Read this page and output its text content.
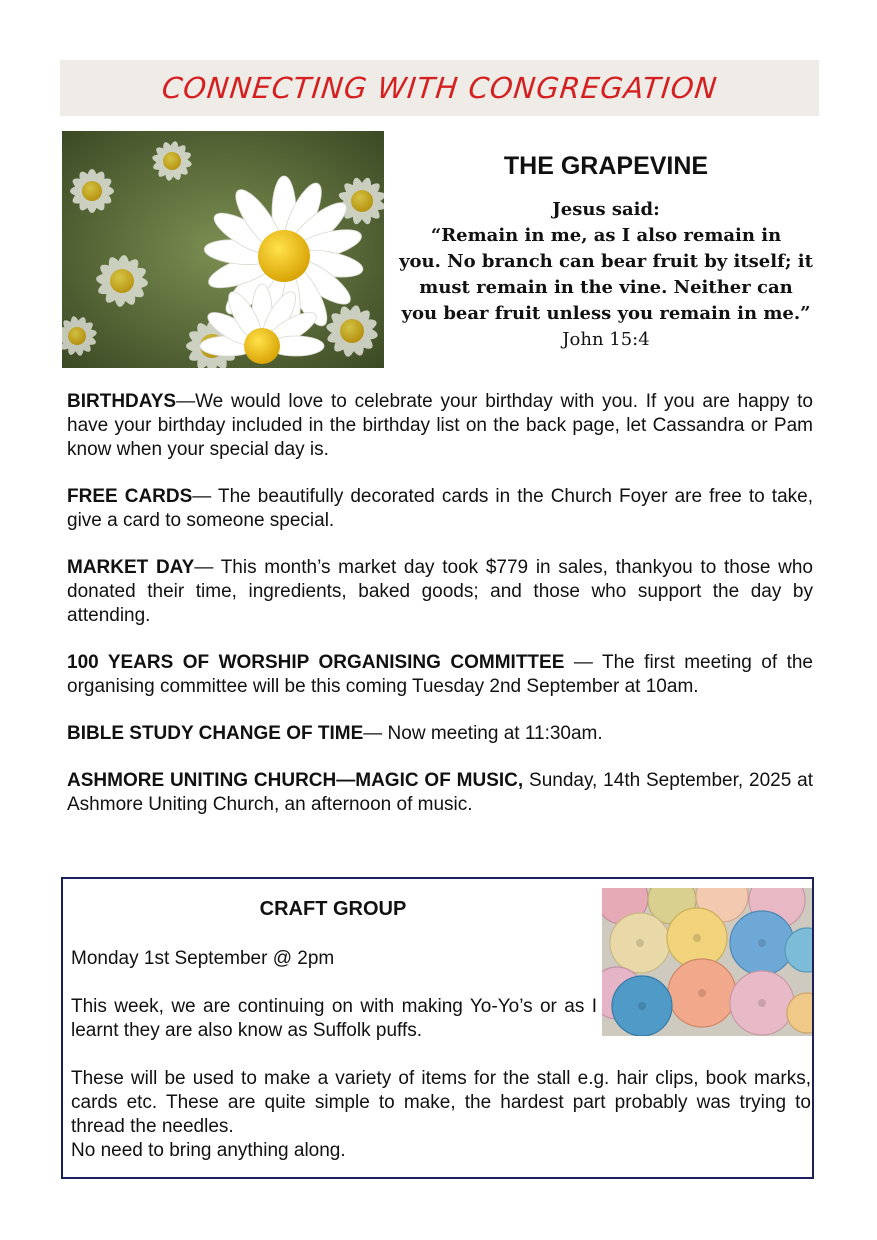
CONNECTING WITH CONGREGATION
THE GRAPEVINE
Jesus said:
“Remain in me, as I also remain in
you. No branch can bear fruit by itself; it
must remain in the vine. Neither can
you bear fruit unless you remain in me.”
John 15:4

BIRTHDAYS—We would love to celebrate your birthday with you. If you are happy to have your birthday included in the birthday list on the back page, let Cassandra or Pam know when your special day is.

FREE CARDS— The beautifully decorated cards in the Church Foyer are free to take, give a card to someone special.

MARKET DAY— This month’s market day took $779 in sales, thankyou to those who donated their time, ingredients, baked goods; and those who support the day by attending.

100 YEARS OF WORSHIP ORGANISING COMMITTEE — The first meeting of the organising committee will be this coming Tuesday 2nd September at 10am.

BIBLE STUDY CHANGE OF TIME— Now meeting at 11:30am.

ASHMORE UNITING CHURCH—MAGIC OF MUSIC, Sunday, 14th September, 2025 at Ashmore Uniting Church, an afternoon of music.

CRAFT GROUP

Monday 1st September @ 2pm

This week, we are continuing on with making Yo-Yo’s or as I learnt they are also know as Suffolk puffs.

These will be used to make a variety of items for the stall e.g. hair clips, book marks, cards etc. These are quite simple to make, the hardest part probably was trying to thread the needles.

No need to bring anything along.
